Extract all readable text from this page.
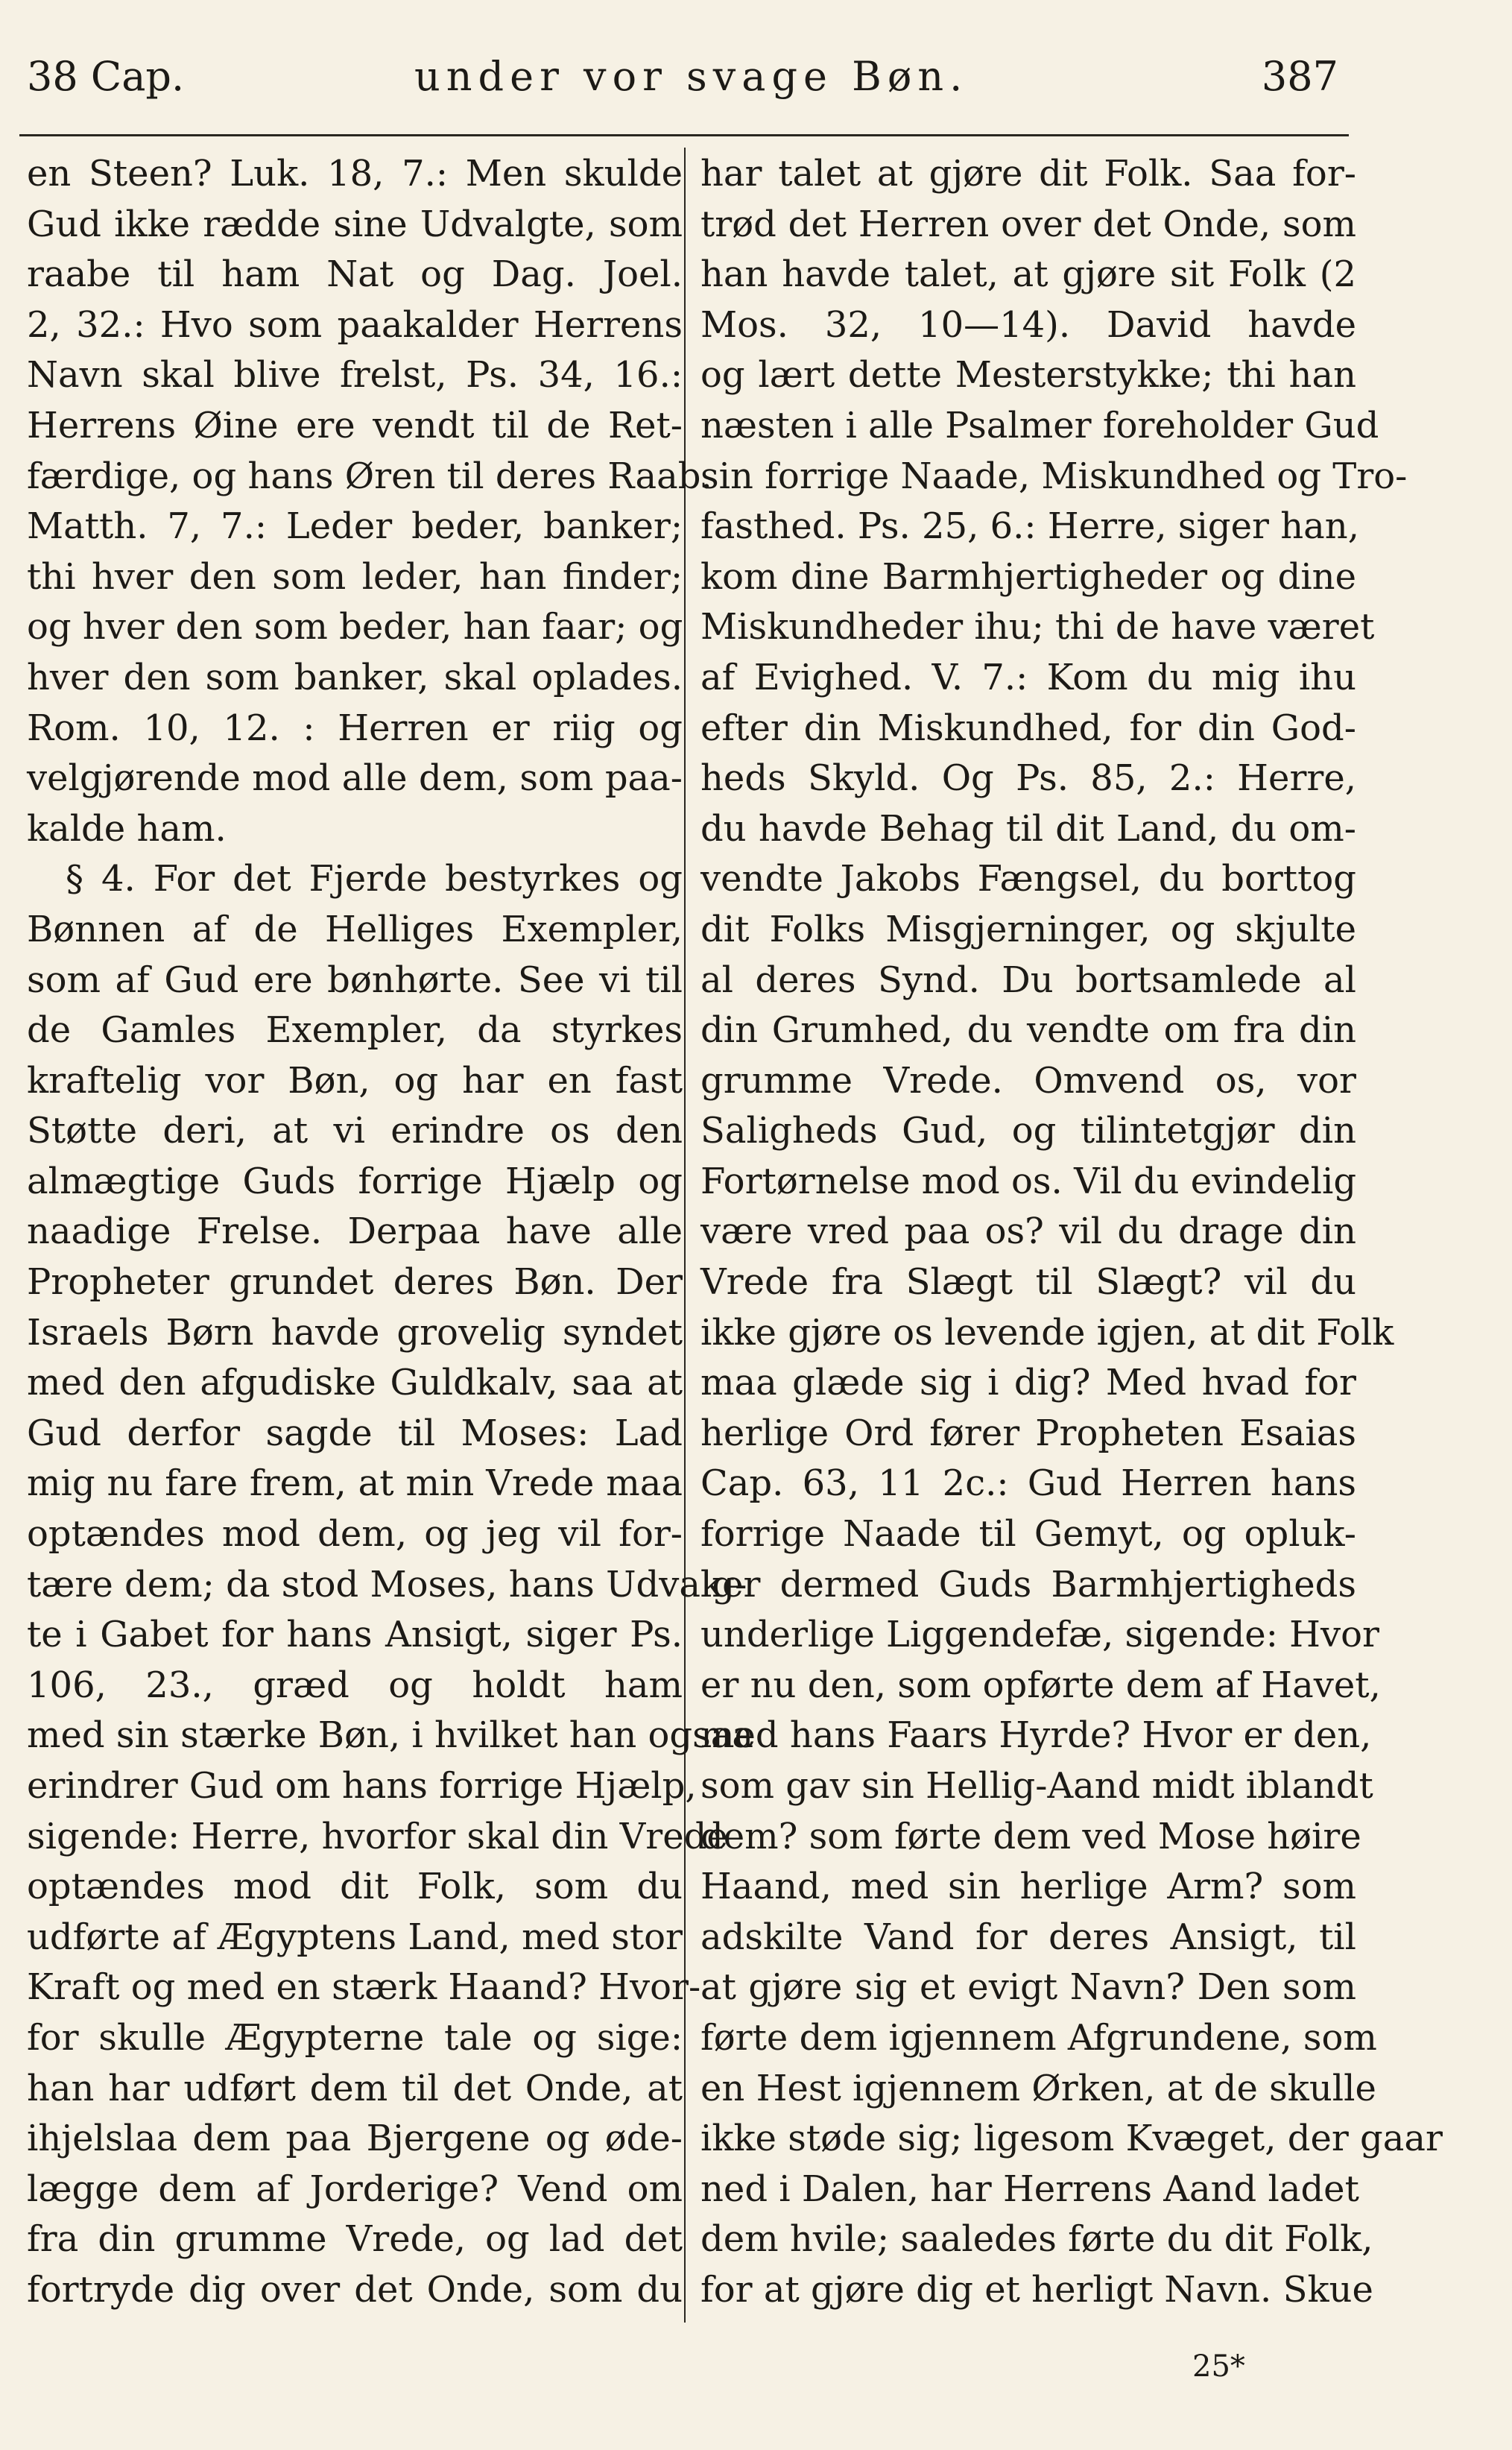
38 Cap.	under vor svage Bøn.	387
en Steen? Luk. 18, 7.: Men skulde
Gud ikke rædde sine Udvalgte, som
raabe til ham Nat og Dag. Joel.
2, 32.: Hvo som paakalder Herrens
Navn skal blive frelst, Ps. 34, 16.:
Herrens Øine ere vendt til de Ret-
færdige, og hans Øren til deres Raab.
Matth. 7, 7.: Leder beder, banker;
thi hver den som leder, han finder;
og hver den som beder, han faar; og
hver den som banker, skal oplades.
Rom. 10, 12. : Herren er riig og
velgjørende mod alle dem, som paa-
kalde ham.
§ 4. For det Fjerde bestyrkes og
Bønnen af de Helliges Exempler,
som af Gud ere bønhørte. See vi til
de Gamles Exempler, da styrkes
kraftelig vor Bøn, og har en fast
Støtte deri, at vi erindre os den
almægtige Guds forrige Hjælp og
naadige Frelse. Derpaa have alle
Propheter grundet deres Bøn. Der
Israels Børn havde grovelig syndet
med den afgudiske Guldkalv, saa at
Gud derfor sagde til Moses: Lad
mig nu fare frem, at min Vrede maa
optændes mod dem, og jeg vil for-
tære dem; da stod Moses, hans Udvalg-
te i Gabet for hans Ansigt, siger Ps.
106, 23., græd og holdt ham
med sin stærke Bøn, i hvilket han ogsaa
erindrer Gud om hans forrige Hjælp,
sigende: Herre, hvorfor skal din Vrede
optændes mod dit Folk, som du
udførte af Ægyptens Land, med stor
Kraft og med en stærk Haand? Hvor-
for skulle Ægypterne tale og sige:
han har udført dem til det Onde, at
ihjelslaa dem paa Bjergene og øde-
lægge dem af Jorderige? Vend om
fra din grumme Vrede, og lad det
fortryde dig over det Onde, som du
har talet at gjøre dit Folk. Saa for-
trød det Herren over det Onde, som
han havde talet, at gjøre sit Folk (2
Mos. 32, 10—14). David havde
og lært dette Mesterstykke; thi han
næsten i alle Psalmer foreholder Gud
sin forrige Naade, Miskundhed og Tro-
fasthed. Ps. 25, 6.: Herre, siger han,
kom dine Barmhjertigheder og dine
Miskundheder ihu; thi de have været
af Evighed. V. 7.: Kom du mig ihu
efter din Miskundhed, for din God-
heds Skyld. Og Ps. 85, 2.: Herre,
du havde Behag til dit Land, du om-
vendte Jakobs Fængsel, du borttog
dit Folks Misgjerninger, og skjulte
al deres Synd. Du bortsamlede al
din Grumhed, du vendte om fra din
grumme Vrede. Omvend os, vor
Saligheds Gud, og tilintetgjør din
Fortørnelse mod os. Vil du evindelig
være vred paa os? vil du drage din
Vrede fra Slægt til Slægt? vil du
ikke gjøre os levende igjen, at dit Folk
maa glæde sig i dig? Med hvad for
herlige Ord fører Propheten Esaias
Cap. 63, 11 2c.: Gud Herren hans
forrige Naade til Gemyt, og opluk-
ker dermed Guds Barmhjertigheds
underlige Liggendefæ, sigende: Hvor
er nu den, som opførte dem af Havet,
med hans Faars Hyrde? Hvor er den,
som gav sin Hellig-Aand midt iblandt
dem? som førte dem ved Mose høire
Haand, med sin herlige Arm? som
adskilte Vand for deres Ansigt, til
at gjøre sig et evigt Navn? Den som
førte dem igjennem Afgrundene, som
en Hest igjennem Ørken, at de skulle
ikke støde sig; ligesom Kvæget, der gaar
ned i Dalen, har Herrens Aand ladet
dem hvile; saaledes førte du dit Folk,
for at gjøre dig et herligt Navn. Skue
25*
